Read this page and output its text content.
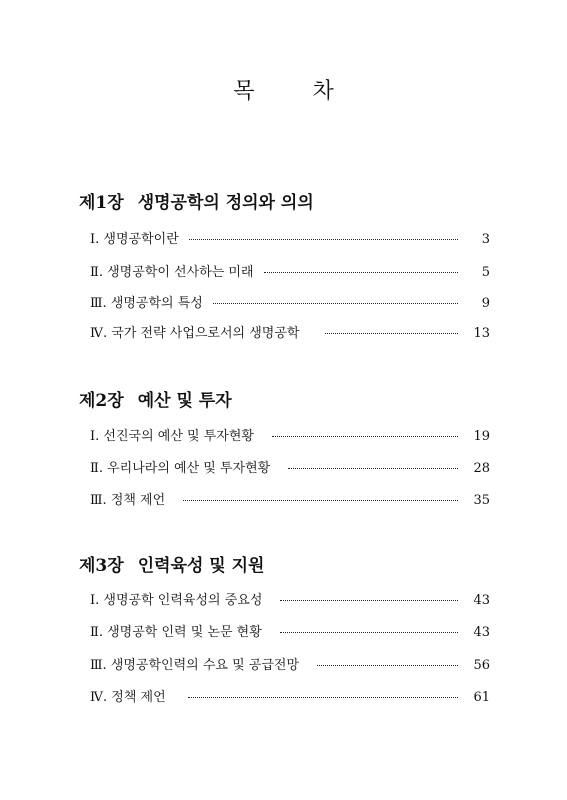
목	차
제1장 생명공학의 정의와 의의
Ⅰ. 생명공학이란	3
Ⅱ. 생명공학이 선사하는 미래	5
Ⅲ. 생명공학의 특성	9
Ⅳ. 국가 전략 사업으로서의 생명공학	13
제2장 예산 및 투자
Ⅰ. 선진국의 예산 및 투자현황	19
Ⅱ. 우리나라의 예산 및 투자현황	28
Ⅲ. 정책 제언	35
제3장 인력육성 및 지원
Ⅰ. 생명공학 인력육성의 중요성	43
Ⅱ. 생명공학 인력 및 논문 현황	43
Ⅲ. 생명공학인력의 수요 및 공급전망	56
Ⅳ. 정책 제언	61
